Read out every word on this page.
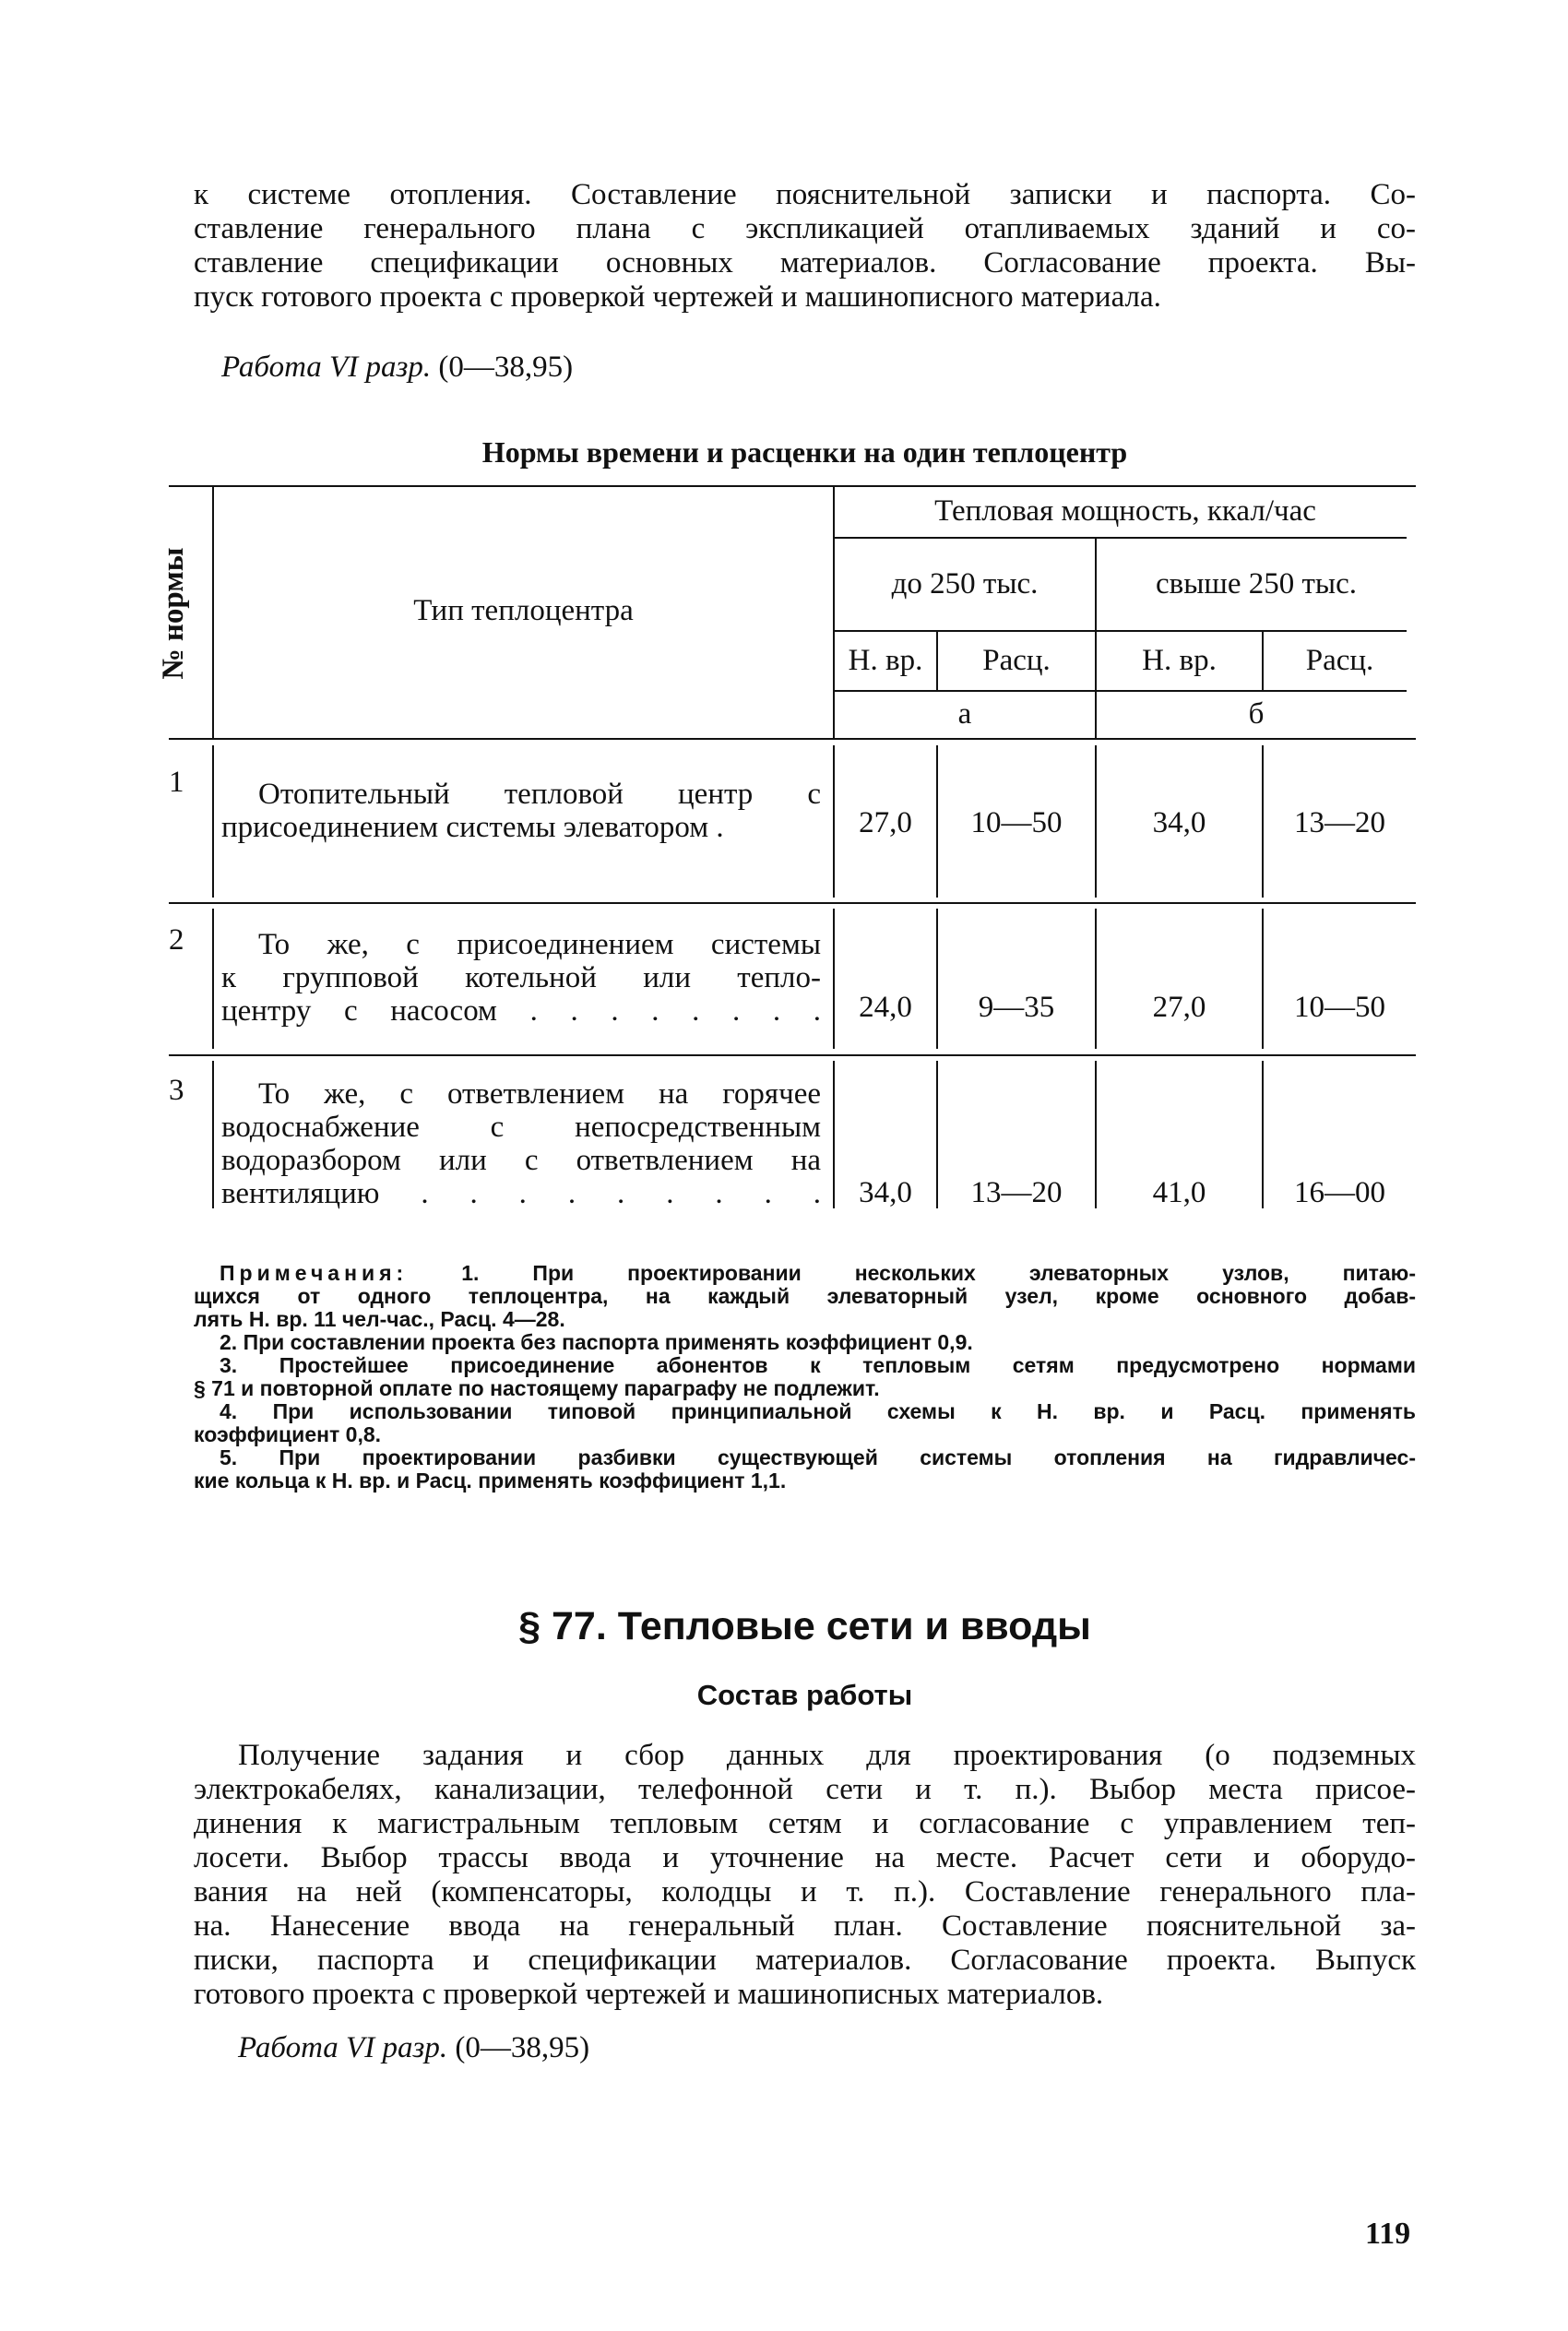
к системе отопления. Составление пояснительной записки и паспорта. Со-
ставление генерального плана с экспликацией отапливаемых зданий и со-
ставление спецификации основных материалов. Согласование проекта. Вы-
пуск готового проекта с проверкой чертежей и машинописного материала.
Работа VI разр. (0—38,95)
Нормы времени и расценки на один теплоцентр
№ нормы	Тип теплоцентра
Тепловая мощность, ккал/час
до 250 тыс.	свыше 250 тыс.
Н. вр.	Расц.	Н. вр.	Расц.
а	б
1	Отопительный тепловой центр с
присоединением системы элеватором .	27,0	10—50	34,0	13—20
2	То же, с присоединением системы
к групповой котельной или тепло-
центру с насосом . . . . . . . .	24,0	9—35	27,0	10—50
3	То же, с ответвлением на горячее
водоснабжение с непосредственным
водоразбором или с ответвлением на
вентиляцию . . . . . . . . .	34,0	13—20	41,0	16—00
Примечания:	1. При проектировании нескольких элеваторных узлов, питаю-
щихся от одного теплоцентра, на каждый элеваторный узел, кроме основного добав-
лять Н. вр. 11 чел-час., Расц. 4—28.
2. При составлении проекта без паспорта применять коэффициент 0,9.
3. Простейшее присоединение абонентов к тепловым сетям предусмотрено нормами
§ 71 и повторной оплате по настоящему параграфу не подлежит.
4. При использовании типовой принципиальной схемы к Н. вр. и Расц. применять
коэффициент 0,8.
5. При проектировании разбивки существующей системы отопления на гидравличес-
кие кольца к Н. вр. и Расц. применять коэффициент 1,1.
§ 77. Тепловые сети и вводы
Состав работы
Получение задания и сбор данных для проектирования (о подземных
электрокабелях, канализации, телефонной сети и т. п.). Выбор места присое-
динения к магистральным тепловым сетям и согласование с управлением теп-
лосети. Выбор трассы ввода и уточнение на месте. Расчет сети и оборудо-
вания на ней (компенсаторы, колодцы и т. п.). Составление генерального пла-
на. Нанесение ввода на генеральный план. Составление пояснительной за-
писки, паспорта и спецификации материалов. Согласование проекта. Выпуск
готового проекта с проверкой чертежей и машинописных материалов.
Работа VI разр. (0—38,95)
119
